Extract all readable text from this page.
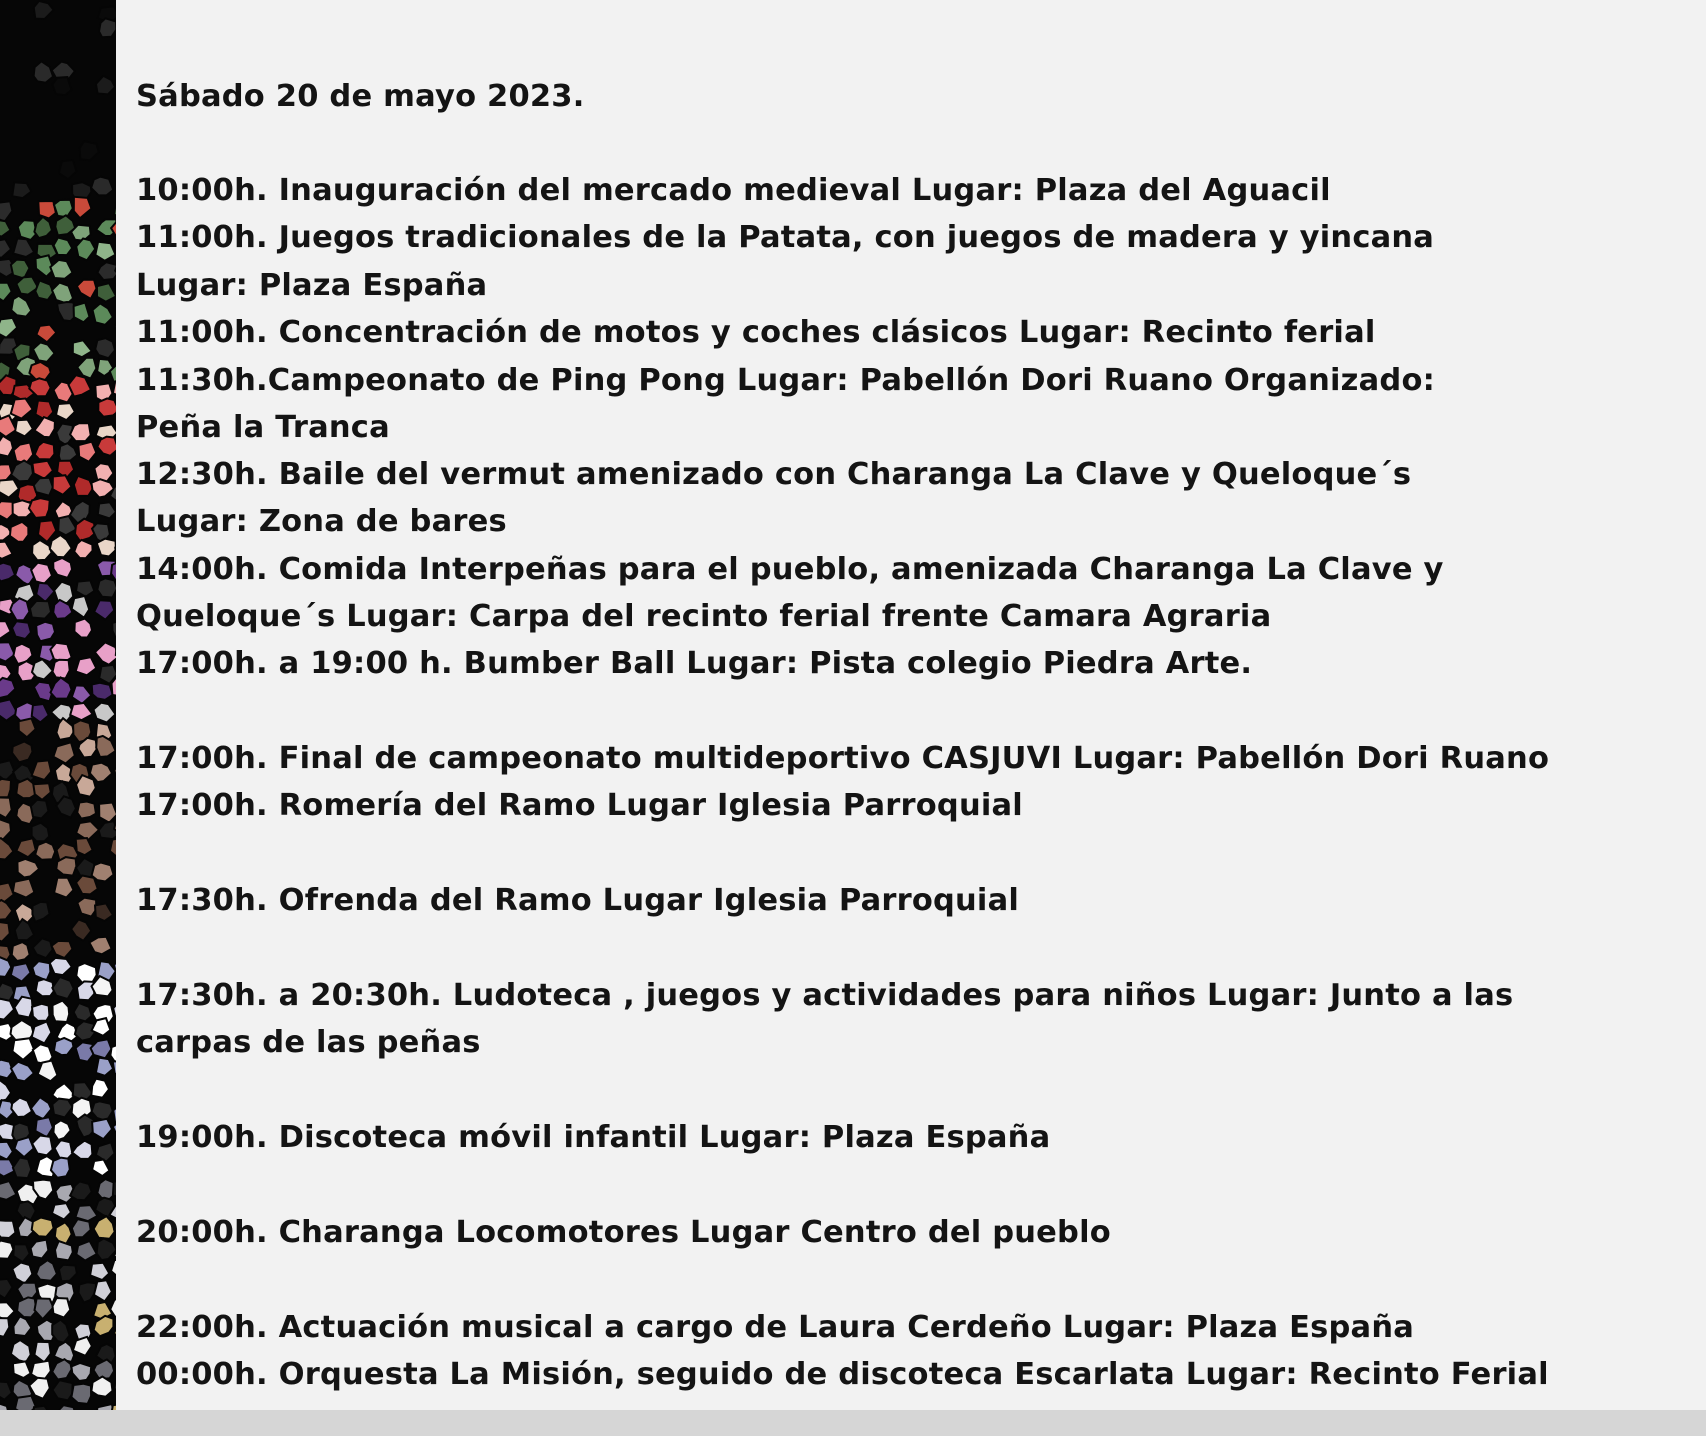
Sábado 20 de mayo 2023.
10:00h. Inauguración del mercado medieval Lugar: Plaza del Aguacil
11:00h. Juegos tradicionales de la Patata, con juegos de madera y yincana
Lugar: Plaza España
11:00h. Concentración de motos y coches clásicos Lugar: Recinto ferial
11:30h.Campeonato de Ping Pong Lugar: Pabellón Dori Ruano Organizado:
Peña la Tranca
12:30h. Baile del vermut amenizado con Charanga La Clave y Queloque´s
Lugar: Zona de bares
14:00h. Comida Interpeñas para el pueblo, amenizada Charanga La Clave y
Queloque´s Lugar: Carpa del recinto ferial frente Camara Agraria
17:00h. a 19:00 h. Bumber Ball Lugar: Pista colegio Piedra Arte.
17:00h. Final de campeonato multideportivo CASJUVI Lugar: Pabellón Dori Ruano
17:00h. Romería del Ramo Lugar Iglesia Parroquial
17:30h. Ofrenda del Ramo Lugar Iglesia Parroquial
17:30h. a 20:30h. Ludoteca , juegos y actividades para niños Lugar: Junto a las
carpas de las peñas
19:00h. Discoteca móvil infantil Lugar: Plaza España
20:00h. Charanga Locomotores Lugar Centro del pueblo
22:00h. Actuación musical a cargo de Laura Cerdeño Lugar: Plaza España
00:00h. Orquesta La Misión, seguido de discoteca Escarlata Lugar: Recinto Ferial
